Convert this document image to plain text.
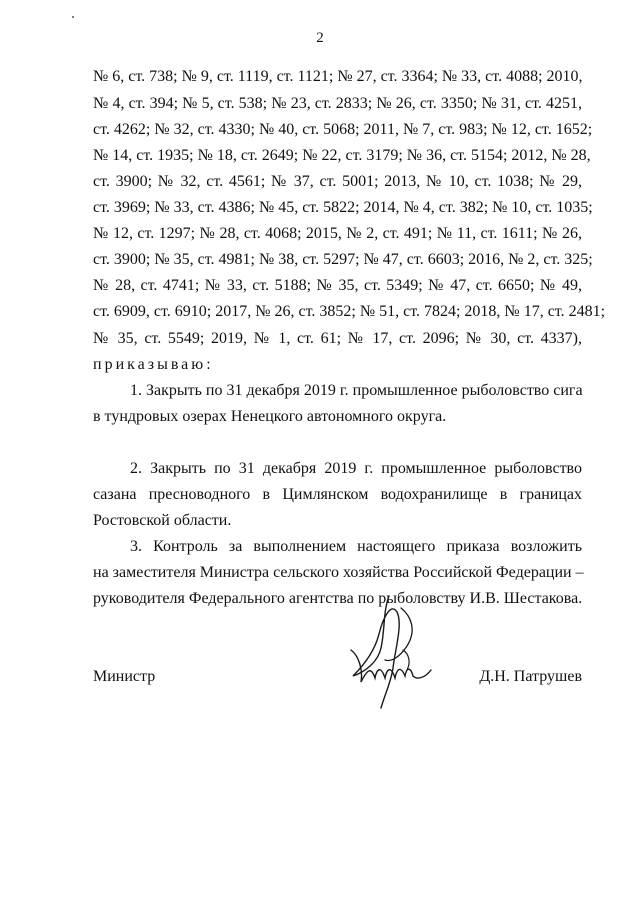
2
№ 6, ст. 738; № 9, ст. 1119, ст. 1121; № 27, ст. 3364; № 33, ст. 4088; 2010,
№ 4, ст. 394; № 5, ст. 538; № 23, ст. 2833; № 26, ст. 3350; № 31, ст. 4251,
ст. 4262; № 32, ст. 4330; № 40, ст. 5068; 2011, № 7, ст. 983; № 12, ст. 1652;
№ 14, ст. 1935; № 18, ст. 2649; № 22, ст. 3179; № 36, ст. 5154; 2012, № 28,
ст. 3900; № 32, ст. 4561; № 37, ст. 5001; 2013, № 10, ст. 1038; № 29,
ст. 3969; № 33, ст. 4386; № 45, ст. 5822; 2014, № 4, ст. 382; № 10, ст. 1035;
№ 12, ст. 1297; № 28, ст. 4068; 2015, № 2, ст. 491; № 11, ст. 1611; № 26,
ст. 3900; № 35, ст. 4981; № 38, ст. 5297; № 47, ст. 6603; 2016, № 2, ст. 325;
№ 28, ст. 4741; № 33, ст. 5188; № 35, ст. 5349; № 47, ст. 6650; № 49,
ст. 6909, ст. 6910; 2017, № 26, ст. 3852; № 51, ст. 7824; 2018, № 17, ст. 2481;
№ 35, ст. 5549; 2019, № 1, ст. 61; № 17, ст. 2096; № 30, ст. 4337),
приказываю:
1. Закрыть по 31 декабря 2019 г. промышленное рыболовство сига
в тундровых озерах Ненецкого автономного округа.
2. Закрыть по 31 декабря 2019 г. промышленное рыболовство
сазана пресноводного в Цимлянском водохранилище в границах
Ростовской области.
3. Контроль за выполнением настоящего приказа возложить
на заместителя Министра сельского хозяйства Российской Федерации –
руководителя Федерального агентства по рыболовству И.В. Шестакова.
Министр	Д.Н. Патрушев
